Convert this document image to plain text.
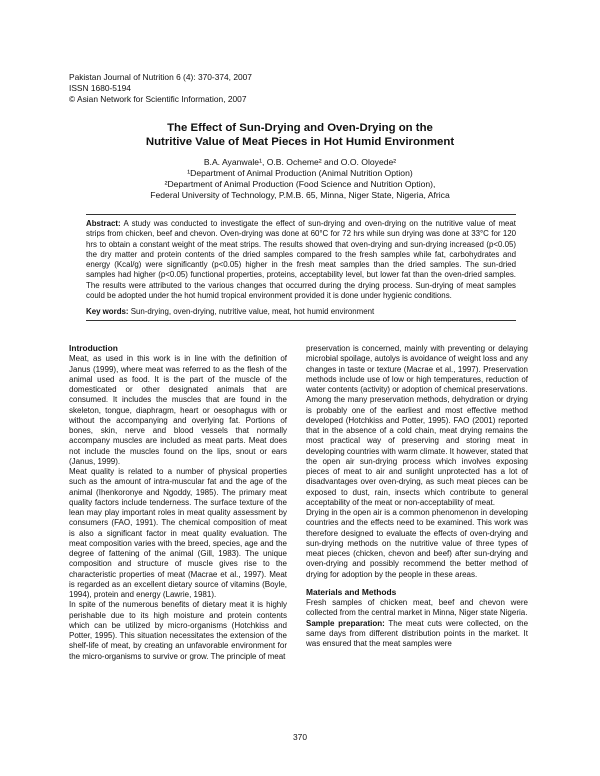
Pakistan Journal of Nutrition 6 (4): 370-374, 2007
ISSN 1680-5194
© Asian Network for Scientific Information, 2007
The Effect of Sun-Drying and Oven-Drying on the
Nutritive Value of Meat Pieces in Hot Humid Environment
B.A. Ayanwale¹, O.B. Ocheme² and O.O. Oloyede²
¹Department of Animal Production (Animal Nutrition Option)
²Department of Animal Production (Food Science and Nutrition Option),
Federal University of Technology, P.M.B. 65, Minna, Niger State, Nigeria, Africa
Abstract: A study was conducted to investigate the effect of sun-drying and oven-drying on the nutritive value of meat strips from chicken, beef and chevon. Oven-drying was done at 60°C for 72 hrs while sun drying was done at 33°C for 120 hrs to obtain a constant weight of the meat strips. The results showed that oven-drying and sun-drying increased (p<0.05) the dry matter and protein contents of the dried samples compared to the fresh samples while fat, carbohydrates and energy (Kcal/g) were significantly (p<0.05) higher in the fresh meat samples than the dried samples. The sun-dried samples had higher (p<0.05) functional properties, proteins, acceptability level, but lower fat than the oven-dried samples. The results were attributed to the various changes that occurred during the drying process. Sun-drying of meat samples could be adopted under the hot humid tropical environment provided it is done under hygienic conditions.
Key words: Sun-drying, oven-drying, nutritive value, meat, hot humid environment
Introduction

Meat, as used in this work is in line with the definition of Janus (1999), where meat was referred to as the flesh of the animal used as food. It is the part of the muscle of the domesticated or other designated animals that are consumed. It includes the muscles that are found in the skeleton, tongue, diaphragm, heart or oesophagus with or without the accompanying and overlying fat. Portions of bones, skin, nerve and blood vessels that normally accompany muscles are included as meat parts. Meat does not include the muscles found on the lips, snout or ears (Janus, 1999).

Meat quality is related to a number of physical properties such as the amount of intra-muscular fat and the age of the animal (Ihenkoronye and Ngoddy, 1985). The primary meat quality factors include tenderness. The surface texture of the lean may play important roles in meat quality assessment by consumers (FAO, 1991). The chemical composition of meat is also a significant factor in meat quality evaluation. The meat composition varies with the breed, species, age and the degree of fattening of the animal (Gill, 1983). The unique composition and structure of muscle gives rise to the characteristic properties of meat (Macrae et al., 1997). Meat is regarded as an excellent dietary source of vitamins (Boyle, 1994), protein and energy (Lawrie, 1981).

In spite of the numerous benefits of dietary meat it is highly perishable due to its high moisture and protein contents which can be utilized by micro-organisms (Hotchkiss and Potter, 1995). This situation necessitates the extension of the shelf-life of meat, by creating an unfavorable environment for the micro-organisms to survive or grow. The principle of meat

preservation is concerned, mainly with preventing or delaying microbial spoilage, autolys is avoidance of weight loss and any changes in taste or texture (Macrae et al., 1997). Preservation methods include use of low or high temperatures, reduction of water contents (activity) or adoption of chemical preservations.

Among the many preservation methods, dehydration or drying is probably one of the earliest and most effective method developed (Hotchkiss and Potter, 1995). FAO (2001) reported that in the absence of a cold chain, meat drying remains the most practical way of preserving and storing meat in developing countries with warm climate. It however, stated that the open air sun-drying process which involves exposing pieces of meat to air and sunlight unprotected has a lot of disadvantages over oven-drying, as such meat pieces can be exposed to dust, rain, insects which contribute to general acceptability of the meat or non-acceptability of meat.

Drying in the open air is a common phenomenon in developing countries and the effects need to be examined. This work was therefore designed to evaluate the effects of oven-drying and sun-drying methods on the nutritive value of three types of meat pieces (chicken, chevon and beef) after sun-drying and oven-drying and possibly recommend the better method of drying for adoption by the people in these areas.

Materials and Methods

Fresh samples of chicken meat, beef and chevon were collected from the central market in Minna, Niger state Nigeria.

Sample preparation: The meat cuts were collected, on the same days from different distribution points in the market. It was ensured that the meat samples were

370
